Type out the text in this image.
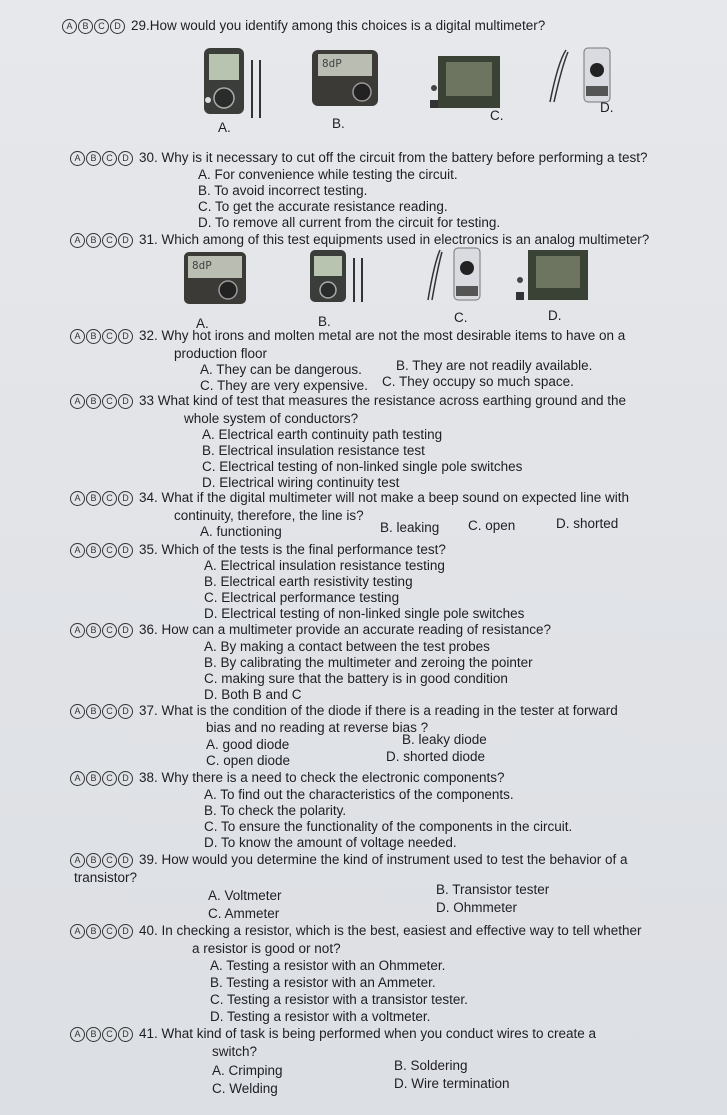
A	B	C	D 29.How would you identify among this choices is a digital multimeter?
8dP
A.	B.
C.
D.
A	B	C	D 30. Why is it necessary to cut off the circuit from the battery before performing a test?
A. For convenience while testing the circuit.
B. To avoid incorrect testing.
C. To get the accurate resistance reading.
D. To remove all current from the circuit for testing.
A	B	C	D 31. Which among of this test equipments used in electronics is an analog multimeter?
8dP
A.	B.	C.	D.
A	B	C	D 32. Why hot irons and molten metal are not the most desirable items to have on a
production floor
A. They can be dangerous.	B. They are not readily available.
C. They are very expensive. C. They occupy so much space.
A	B	C	D 33 What kind of test that measures the resistance across earthing ground and the
whole system of conductors?
A. Electrical earth continuity path testing
B. Electrical insulation resistance test
C. Electrical testing of non-linked single pole switches
D. Electrical wiring continuity test
A	B	C	D 34. What if the digital multimeter will not make a beep sound on expected line with
continuity, therefore, the line is?
A. functioning	B. leaking C. open	D. shorted
A	B	C	D 35. Which of the tests is the final performance test?
A. Electrical insulation resistance testing
B. Electrical earth resistivity testing
C. Electrical performance testing
D. Electrical testing of non-linked single pole switches
A	B	C	D 36. How can a multimeter provide an accurate reading of resistance?
A. By making a contact between the test probes
B. By calibrating the multimeter and zeroing the pointer
C. making sure that the battery is in good condition
D. Both B and C
A	B	C	D 37. What is the condition of the diode if there is a reading in the tester at forward
bias and no reading at reverse bias ?
A. good diode	B. leaky diode
C. open diode	D. shorted diode
A	B	C	D 38. Why there is a need to check the electronic components?
A. To find out the characteristics of the components.
B. To check the polarity.
C. To ensure the functionality of the components in the circuit.
D. To know the amount of voltage needed.
A	B	C	D 39. How would you determine the kind of instrument used to test the behavior of a
transistor?
A. Voltmeter	B. Transistor tester
C. Ammeter	D. Ohmmeter
A	B	C	D 40. In checking a resistor, which is the best, easiest and effective way to tell whether
a resistor is good or not?
A. Testing a resistor with an Ohmmeter.
B. Testing a resistor with an Ammeter.
C. Testing a resistor with a transistor tester.
D. Testing a resistor with a voltmeter.
A	B	C	D 41. What kind of task is being performed when you conduct wires to create a
switch?
A. Crimping	B. Soldering
C. Welding	D. Wire termination
